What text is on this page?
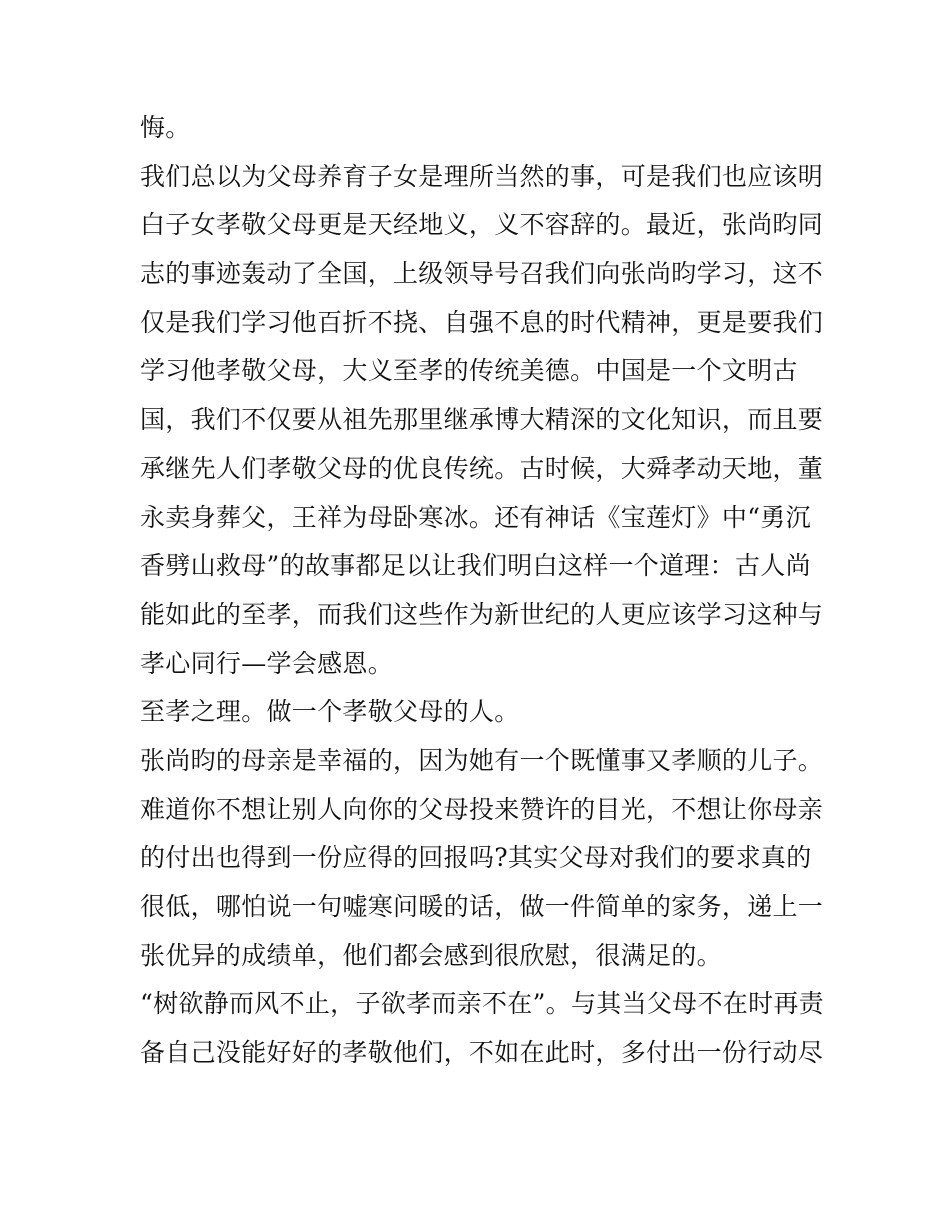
悔。
我们总以为父母养育子女是理所当然的事，可是我们也应该明
白子女孝敬父母更是天经地义，义不容辞的。最近，张尚昀同
志的事迹轰动了全国，上级领导号召我们向张尚昀学习，这不
仅是我们学习他百折不挠、自强不息的时代精神，更是要我们
学习他孝敬父母，大义至孝的传统美德。中国是一个文明古
国，我们不仅要从祖先那里继承博大精深的文化知识，而且要
承继先人们孝敬父母的优良传统。古时候，大舜孝动天地，董
永卖身葬父，王祥为母卧寒冰。还有神话《宝莲灯》中“勇沉
香劈山救母”的故事都足以让我们明白这样一个道理：古人尚
能如此的至孝，而我们这些作为新世纪的人更应该学习这种与
孝心同行—学会感恩。
至孝之理。做一个孝敬父母的人。
张尚昀的母亲是幸福的，因为她有一个既懂事又孝顺的儿子。
难道你不想让别人向你的父母投来赞许的目光，不想让你母亲
的付出也得到一份应得的回报吗?其实父母对我们的要求真的
很低，哪怕说一句嘘寒问暖的话，做一件简单的家务，递上一
张优异的成绩单，他们都会感到很欣慰，很满足的。
“树欲静而风不止，子欲孝而亲不在”。与其当父母不在时再责
备自己没能好好的孝敬他们，不如在此时，多付出一份行动尽
